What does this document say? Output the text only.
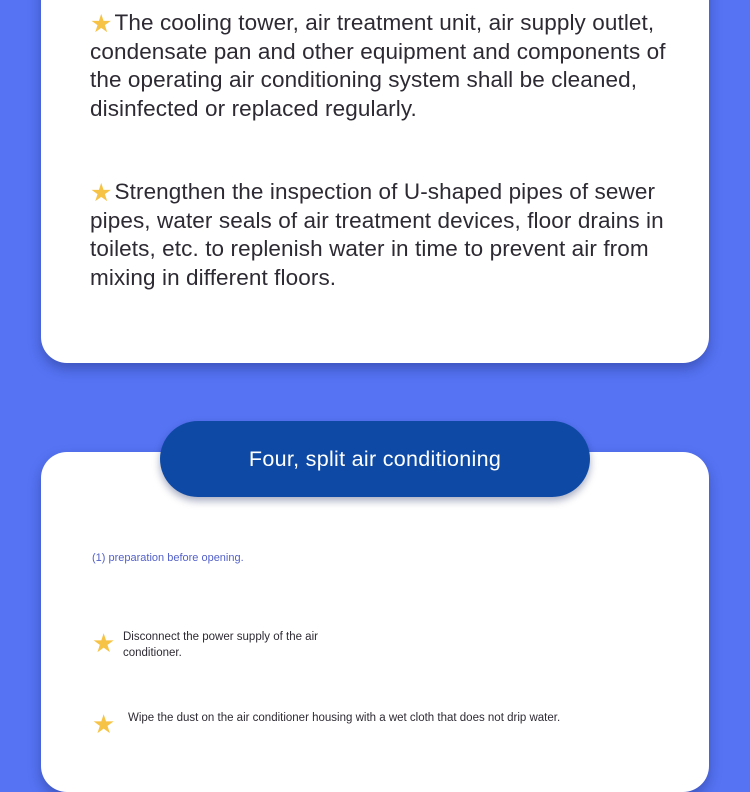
★The cooling tower, air treatment unit, air supply outlet, condensate pan and other equipment and components of the operating air conditioning system shall be cleaned, disinfected or replaced regularly.
★Strengthen the inspection of U-shaped pipes of sewer pipes, water seals of air treatment devices, floor drains in toilets, etc. to replenish water in time to prevent air from mixing in different floors.
Four, split air conditioning
(1) preparation before opening.
★ Disconnect the power supply of the air conditioner.
★ Wipe the dust on the air conditioner housing with a wet cloth that does not drip water.
